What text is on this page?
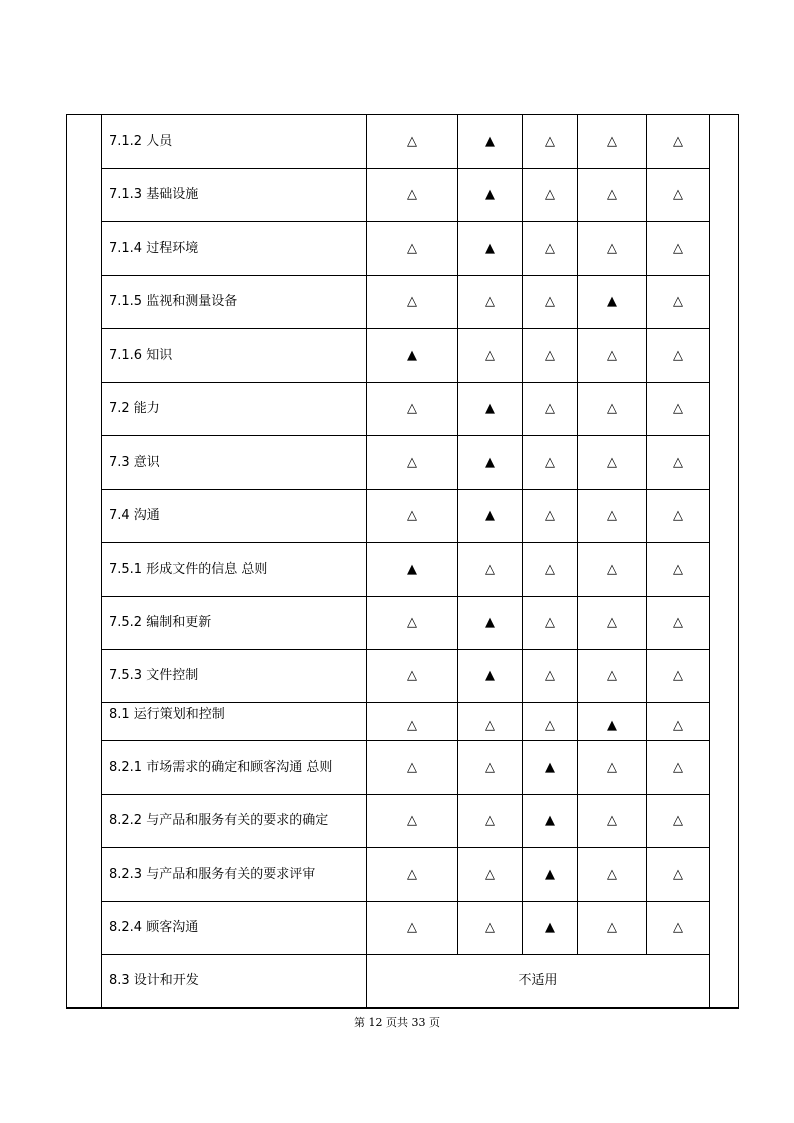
7.1.2 人员	△	▲	△	△	△
7.1.3 基础设施	△	▲	△	△	△
7.1.4 过程环境	△	▲	△	△	△
7.1.5 监视和测量设备	△	△	△	▲	△
7.1.6 知识	▲	△	△	△	△
7.2 能力	△	▲	△	△	△
7.3 意识	△	▲	△	△	△
7.4 沟通	△	▲	△	△	△
7.5.1 形成文件的信息 总则	▲	△	△	△	△
7.5.2 编制和更新	△	▲	△	△	△
7.5.3 文件控制	△	▲	△	△	△
8.1 运行策划和控制	△	△	△	▲	△
8.2.1 市场需求的确定和顾客沟通 总则	△	△	▲	△	△
8.2.2 与产品和服务有关的要求的确定	△	△	▲	△	△
8.2.3 与产品和服务有关的要求评审	△	△	▲	△	△
8.2.4 顾客沟通	△	△	▲	△	△
8.3 设计和开发	不适用				
第 12 页共 33 页
